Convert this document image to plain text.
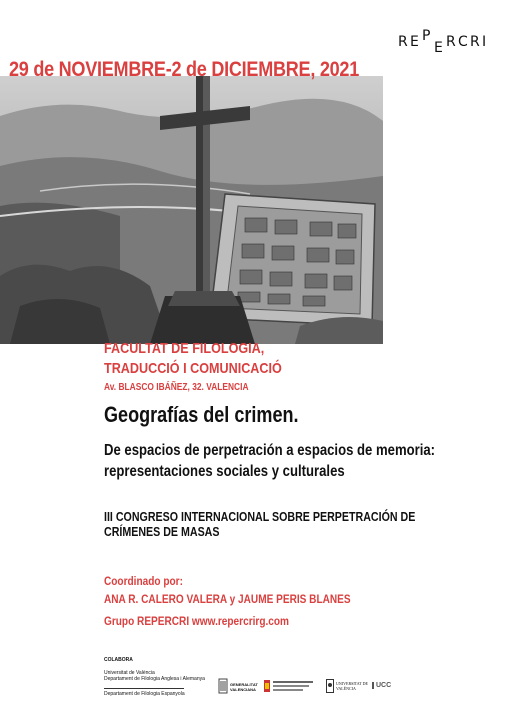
R E P
E R C R I
29 de NOVIEMBRE-2 de DICIEMBRE, 2021
FACULTAT DE FILOLOGIA,
TRADUCCIÓ I COMUNICACIÓ
Av. BLASCO IBÁÑEZ, 32. VALENCIA
Geografías del crimen.
De espacios de perpetración a espacios de memoria:
representaciones sociales y culturales
III CONGRESO INTERNACIONAL SOBRE PERPETRACIÓN DE
CRÍMENES DE MASAS
Coordinado por:
ANA R. CALERO VALERA y JAUME PERIS BLANES
Grupo REPERCRI www.repercrirg.com
COLABORA
Universitat de València
Departament de Filologia Anglesa i Alemanya
Departament de Filologia Espanyola
GENERALITAT VALENCIANA
UNIVERSITAT DE VALÈNCIA	UCC
